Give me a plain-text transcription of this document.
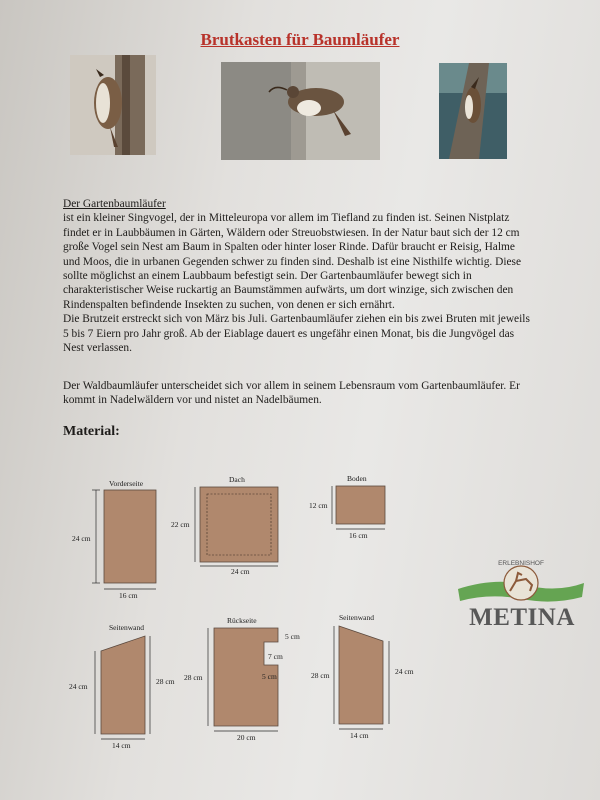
Brutkasten für Baumläufer

Der Gartenbaumläufer

ist ein kleiner Singvogel, der in Mitteleuropa vor allem im Tiefland zu finden ist. Seinen Nistplatz findet er in Laubbäumen in Gärten, Wäldern oder Streuobstwiesen. In der Natur baut sich der 12 cm große Vogel sein Nest am Baum in Spalten oder hinter loser Rinde. Dafür braucht er Reisig, Halme und Moos, die in urbanen Gegenden schwer zu finden sind. Deshalb ist eine Nisthilfe wichtig. Diese sollte möglichst an einem Laubbaum befestigt sein. Der Gartenbaumläufer bewegt sich in charakteristischer Weise ruckartig an Baumstämmen aufwärts, um dort winzige, sich zwischen den Rindenspalten befindende Insekten zu suchen, von denen er sich ernährt.

Die Brutzeit erstreckt sich von März bis Juli. Gartenbaumläufer ziehen ein bis zwei Bruten mit jeweils 5 bis 7 Eiern pro Jahr groß. Ab der Eiablage dauert es ungefähr einen Monat, bis die Jungvögel das Nest verlassen.

Der Waldbaumläufer unterscheidet sich vor allem in seinem Lebensraum vom Gartenbaumläufer. Er kommt in Nadelwäldern vor und nistet an Nadelbäumen.
Material:
Vorderseite
24 cm
16 cm
Dach
22 cm
24 cm
Boden
12 cm
16 cm
Seitenwand
24 cm
28 cm
14 cm
Rückseite
28 cm
5 cm
7 cm
5 cm
20 cm
Seitenwand
28 cm	24 cm
14 cm
ERLEBNISHOF
METINA
